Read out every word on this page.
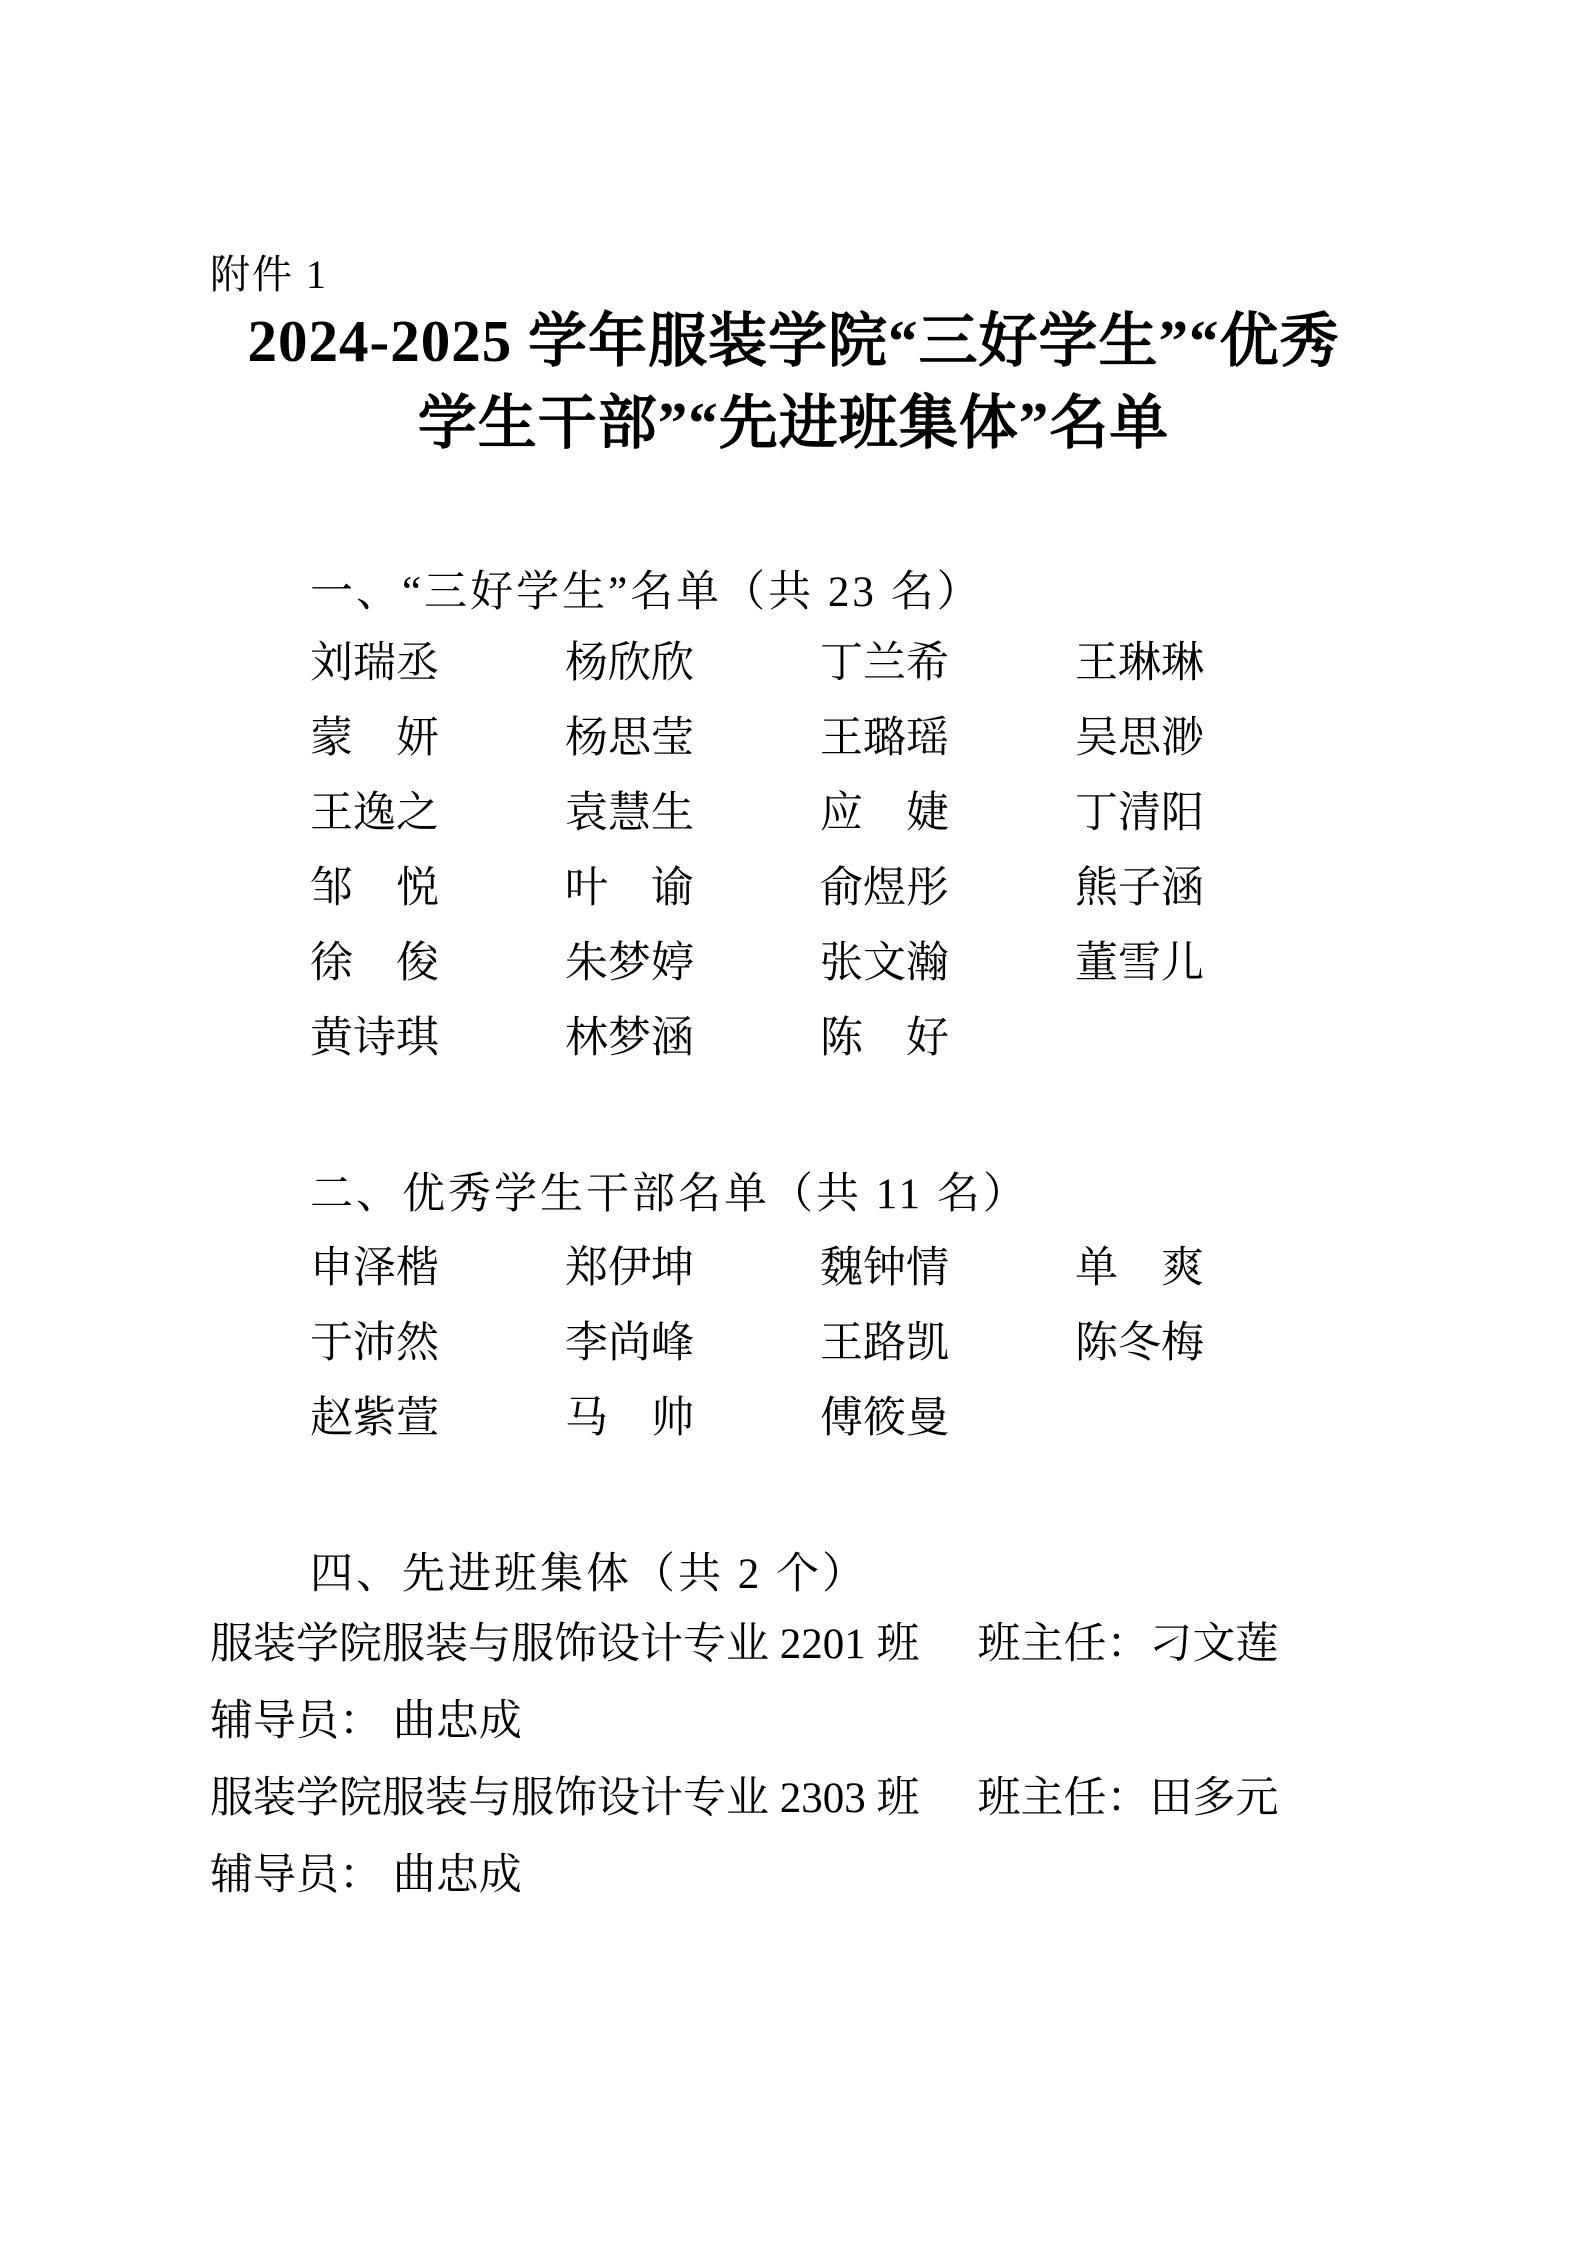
附件 1
2024-2025 学年服装学院“三好学生”“优秀
学生干部”“先进班集体”名单
一、“三好学生”名单（共 23 名）
刘瑞丞	杨欣欣	丁兰希	王琳琳
蒙　妍	杨思莹	王璐瑶	吴思渺
王逸之	袁慧生	应　婕	丁清阳
邹　悦	叶　谕	俞煜彤	熊子涵
徐　俊	朱梦婷	张文瀚	董雪儿
黄诗琪	林梦涵	陈　好
二、优秀学生干部名单（共 11 名）
申泽楷	郑伊坤	魏钟情	单　爽
于沛然	李尚峰	王路凯	陈冬梅
赵紫萱	马　帅	傅筱曼
四、先进班集体（共 2 个）
服装学院服装与服饰设计专业 2201 班 班主任：刁文莲
辅导员： 曲忠成
服装学院服装与服饰设计专业 2303 班 班主任：田多元
辅导员： 曲忠成
